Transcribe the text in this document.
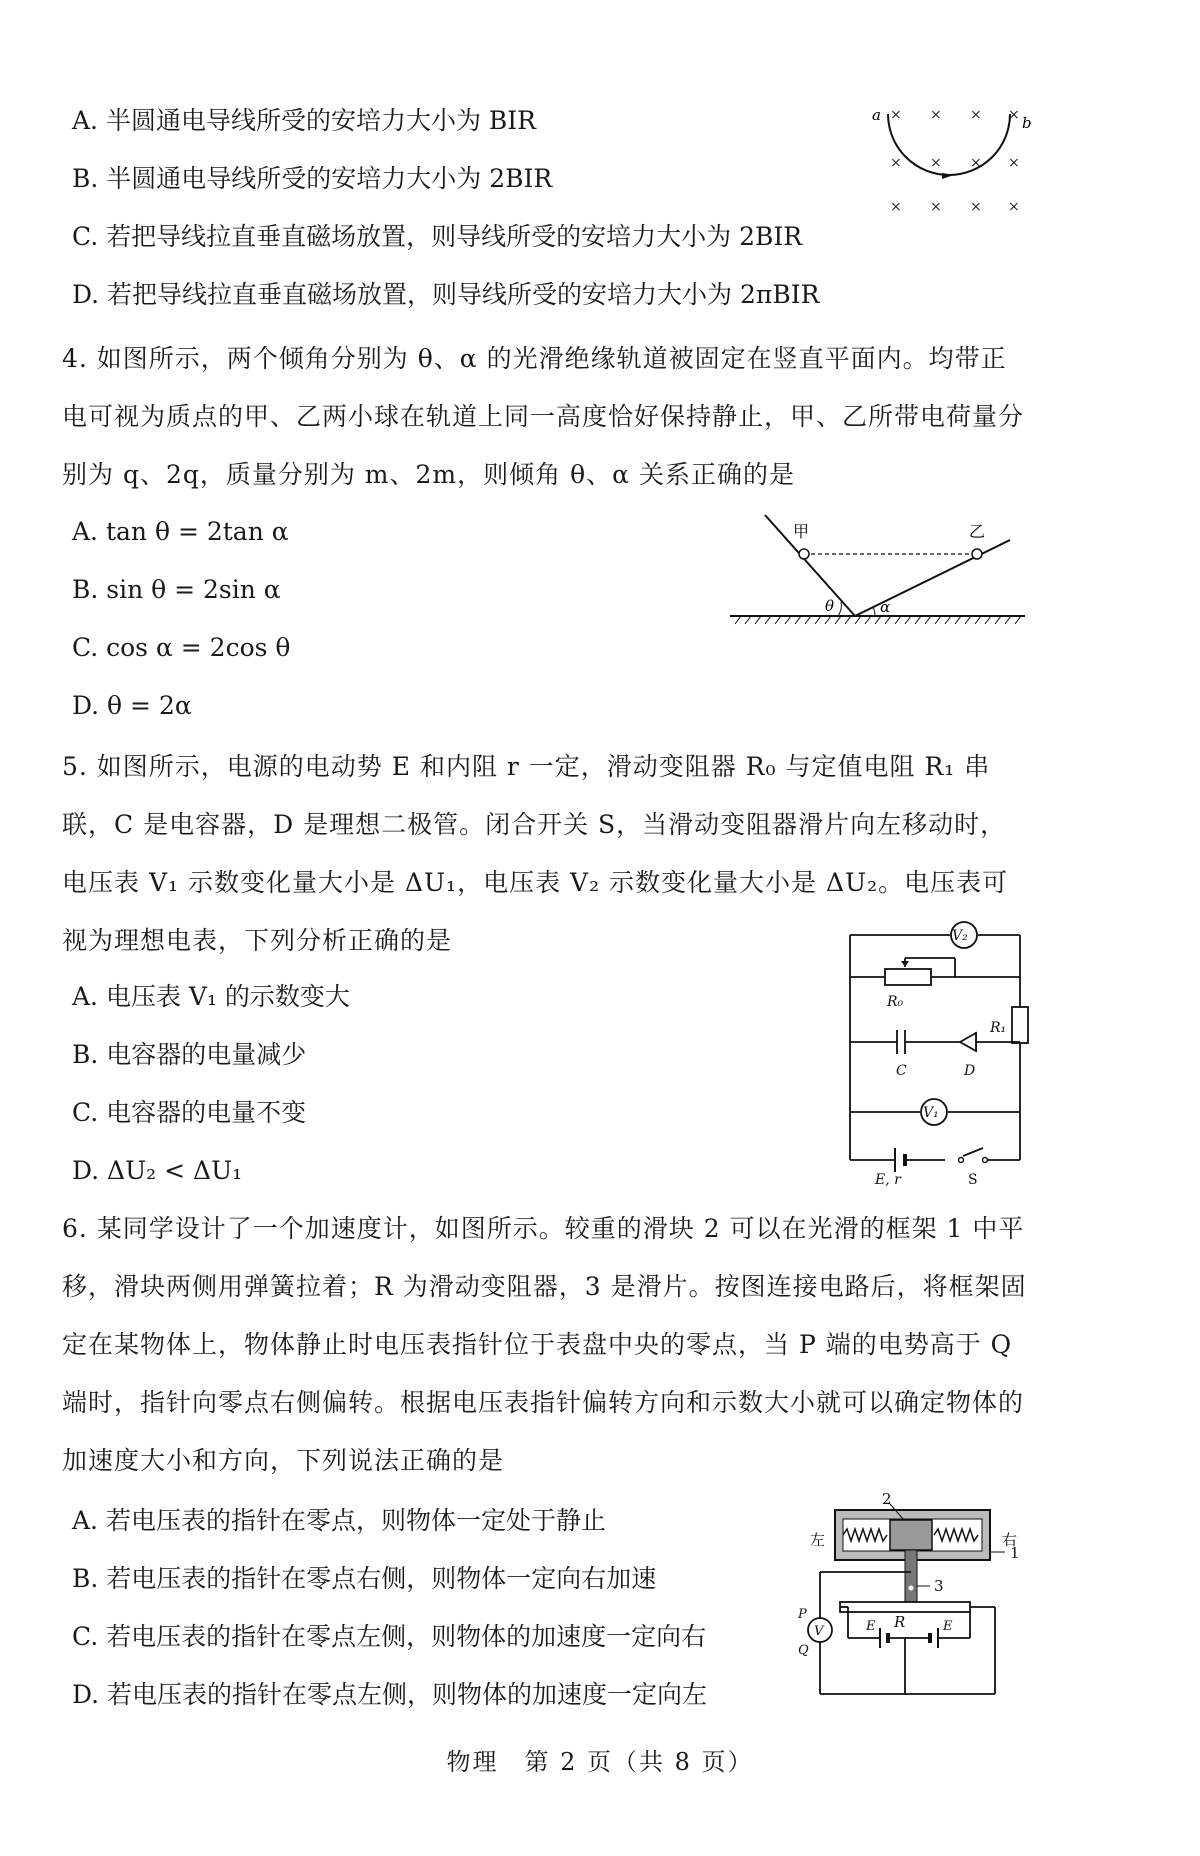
A. 半圆通电导线所受的安培力大小为 BIR
B. 半圆通电导线所受的安培力大小为 2BIR
C. 若把导线拉直垂直磁场放置，则导线所受的安培力大小为 2BIR
D. 若把导线拉直垂直磁场放置，则导线所受的安培力大小为 2πBIR
× × × ×
× × × ×
× × × ×
a	b
4. 如图所示，两个倾角分别为 θ、α 的光滑绝缘轨道被固定在竖直平面内。均带正电可视为质点的甲、乙两小球在轨道上同一高度恰好保持静止，甲、乙所带电荷量分别为 q、2q，质量分别为 m、2m，则倾角 θ、α 关系正确的是
A. tan θ = 2tan α
B. sin θ = 2sin α
C. cos α = 2cos θ
D. θ = 2α
甲	乙
θ	α
5. 如图所示，电源的电动势 E 和内阻 r 一定，滑动变阻器 R₀ 与定值电阻 R₁ 串联，C 是电容器，D 是理想二极管。闭合开关 S，当滑动变阻器滑片向左移动时，电压表 V₁ 示数变化量大小是 ΔU₁，电压表 V₂ 示数变化量大小是 ΔU₂。电压表可视为理想电表，下列分析正确的是
A. 电压表 V₁ 的示数变大
B. 电容器的电量减少
C. 电容器的电量不变
D. ΔU₂ < ΔU₁
V₂
V₁
R₀
R₁
C	D
E, r	S
6. 某同学设计了一个加速度计，如图所示。较重的滑块 2 可以在光滑的框架 1 中平移，滑块两侧用弹簧拉着；R 为滑动变阻器，3 是滑片。按图连接电路后，将框架固定在某物体上，物体静止时电压表指针位于表盘中央的零点，当 P 端的电势高于 Q 端时，指针向零点右侧偏转。根据电压表指针偏转方向和示数大小就可以确定物体的加速度大小和方向，下列说法正确的是
A. 若电压表的指针在零点，则物体一定处于静止
B. 若电压表的指针在零点右侧，则物体一定向右加速
C. 若电压表的指针在零点左侧，则物体的加速度一定向右
D. 若电压表的指针在零点左侧，则物体的加速度一定向左
左	右
1
2
3
R
V
P
Q
E	E
物理　第 2 页（共 8 页）
